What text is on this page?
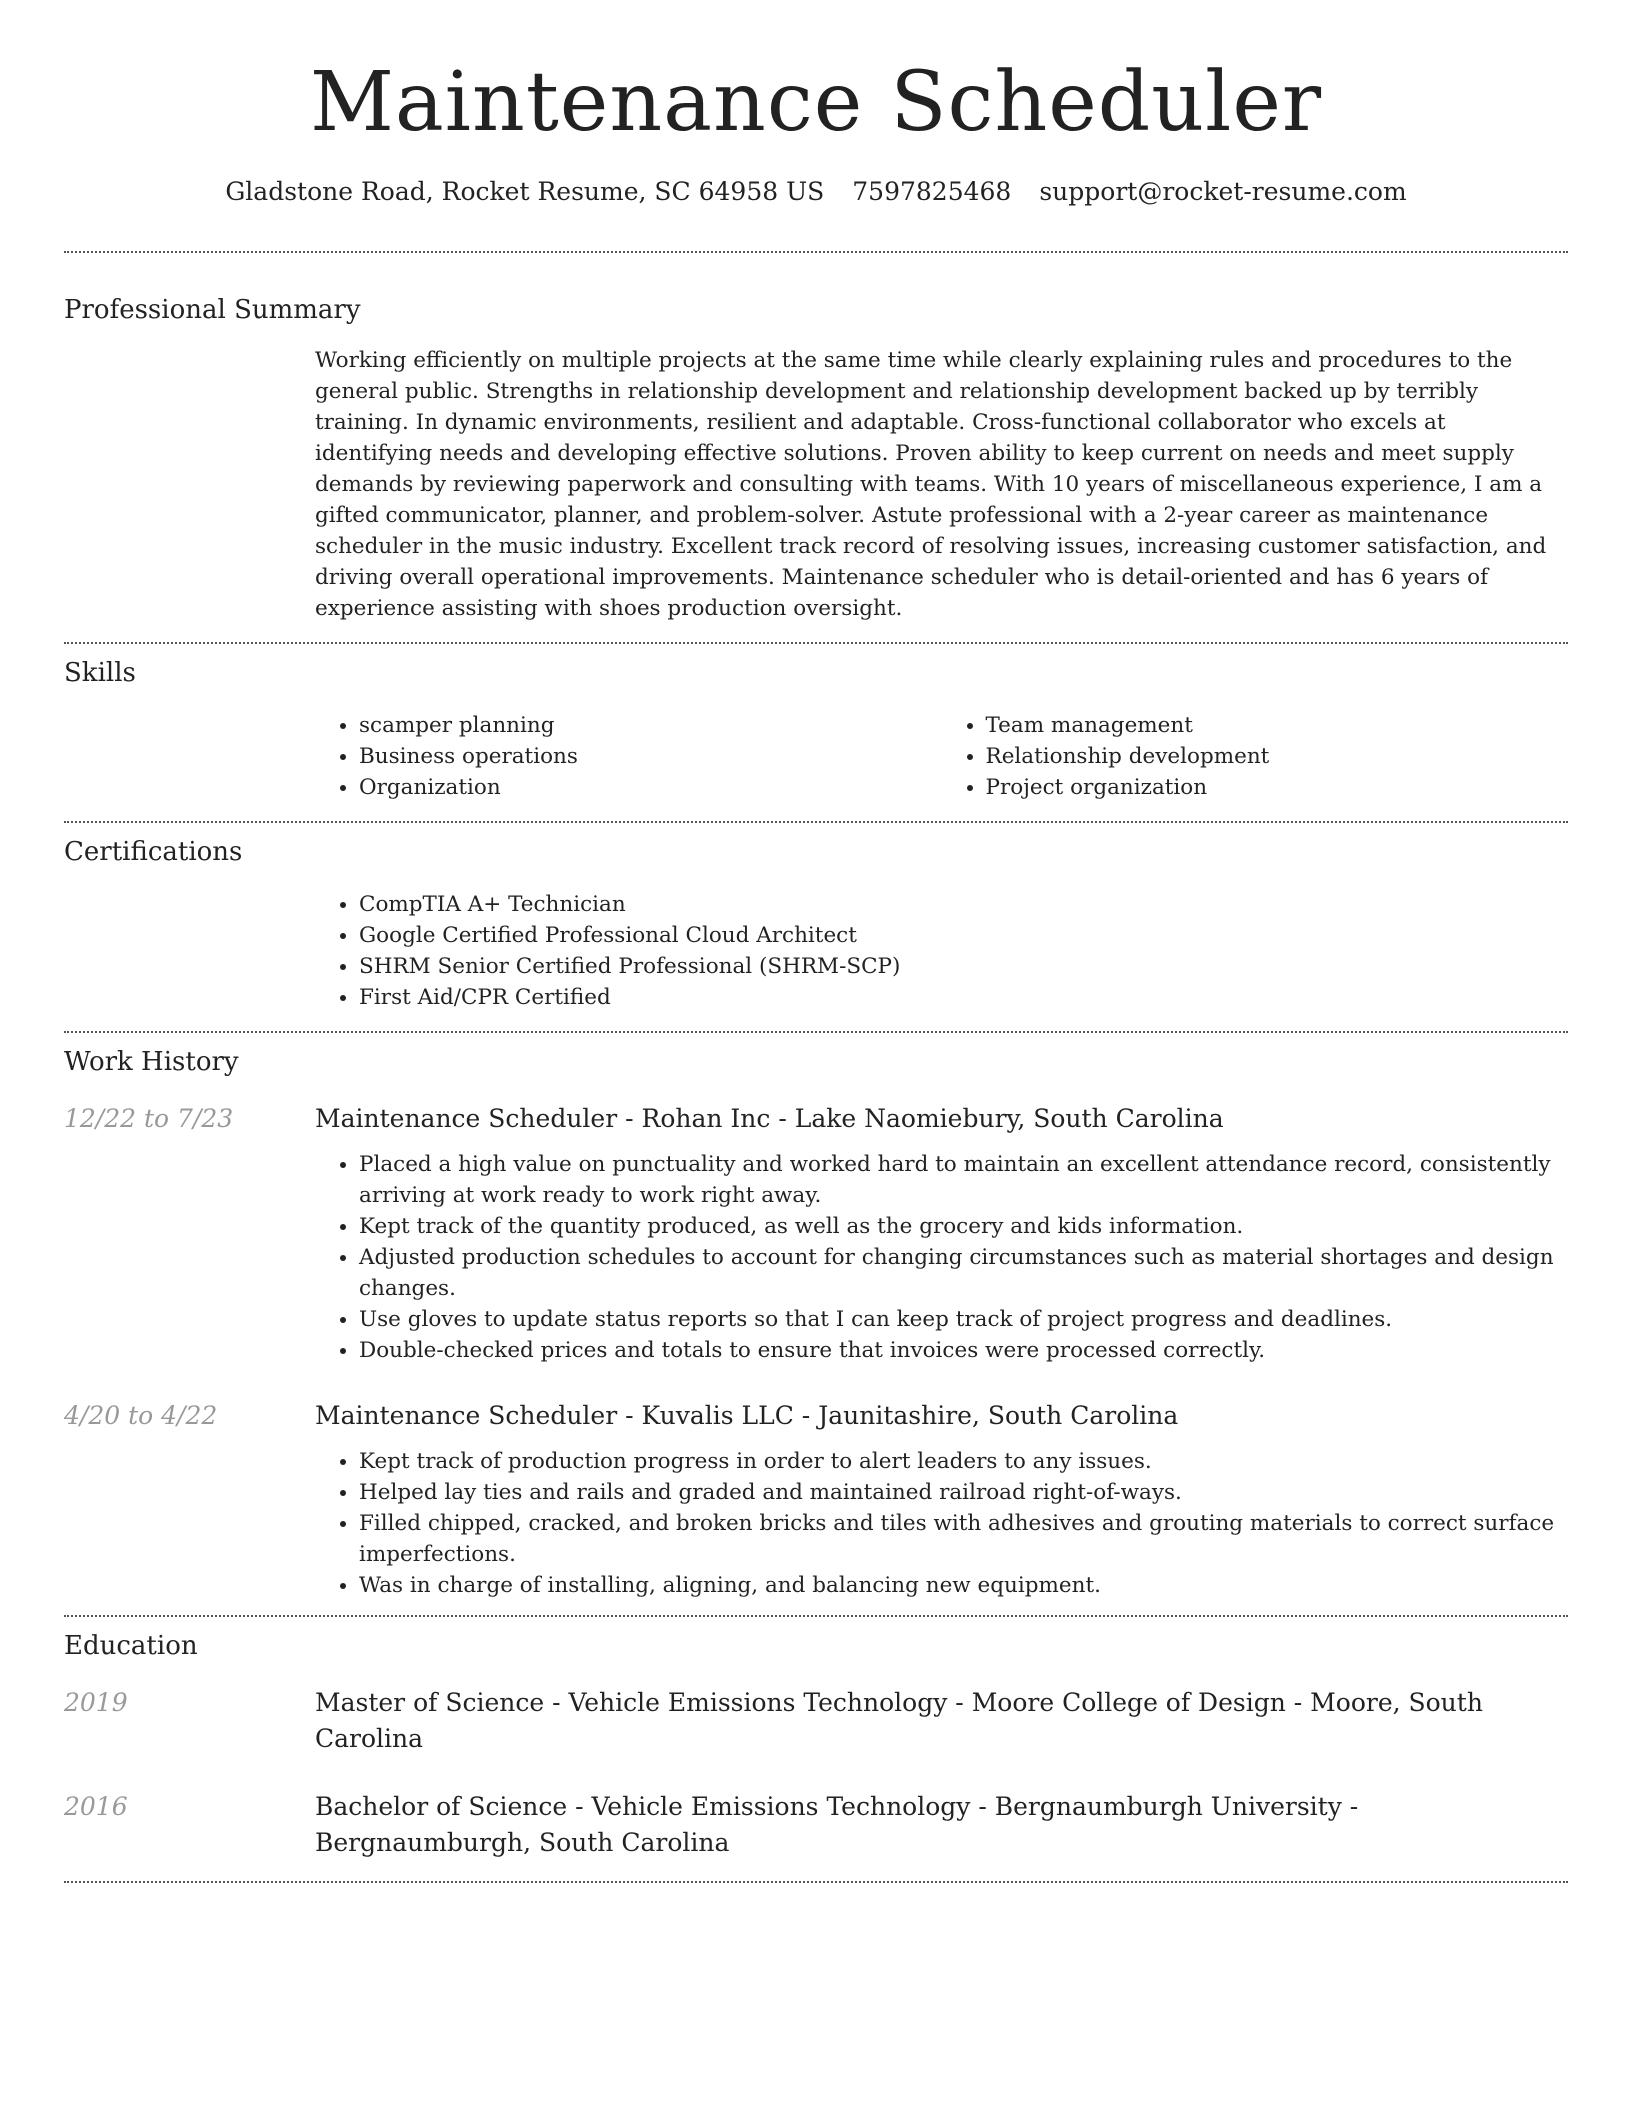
Maintenance Scheduler
Gladstone Road, Rocket Resume, SC 64958 US 7597825468 support@rocket-resume.com
Professional Summary

Working efficiently on multiple projects at the same time while clearly explaining rules and procedures to the general public. Strengths in relationship development and relationship development backed up by terribly training. In dynamic environments, resilient and adaptable. Cross-functional collaborator who excels at identifying needs and developing effective solutions. Proven ability to keep current on needs and meet supply demands by reviewing paperwork and consulting with teams. With 10 years of miscellaneous experience, I am a gifted communicator, planner, and problem-solver. Astute professional with a 2-year career as maintenance scheduler in the music industry. Excellent track record of resolving issues, increasing customer satisfaction, and driving overall operational improvements. Maintenance scheduler who is detail-oriented and has 6 years of experience assisting with shoes production oversight.

Skills
• scamper planning
• Business operations
• Organization
• Team management
• Relationship development
• Project organization
Certifications
• CompTIA A+ Technician
• Google Certified Professional Cloud Architect
• SHRM Senior Certified Professional (SHRM-SCP)
• First Aid/CPR Certified
Work History
12/22 to 7/23	Maintenance Scheduler - Rohan Inc - Lake Naomiebury, South Carolina

• Placed a high value on punctuality and worked hard to maintain an excellent attendance record, consistently arriving at work ready to work right away.
• Kept track of the quantity produced, as well as the grocery and kids information.
• Adjusted production schedules to account for changing circumstances such as material shortages and design changes.
• Use gloves to update status reports so that I can keep track of project progress and deadlines.
• Double-checked prices and totals to ensure that invoices were processed correctly.
4/20 to 4/22	Maintenance Scheduler - Kuvalis LLC - Jaunitashire, South Carolina

• Kept track of production progress in order to alert leaders to any issues.
• Helped lay ties and rails and graded and maintained railroad right-of-ways.
• Filled chipped, cracked, and broken bricks and tiles with adhesives and grouting materials to correct surface imperfections.
• Was in charge of installing, aligning, and balancing new equipment.
Education
2019	Master of Science - Vehicle Emissions Technology - Moore College of Design - Moore, South Carolina

2016	Bachelor of Science - Vehicle Emissions Technology - Bergnaumburgh University - Bergnaumburgh, South Carolina
